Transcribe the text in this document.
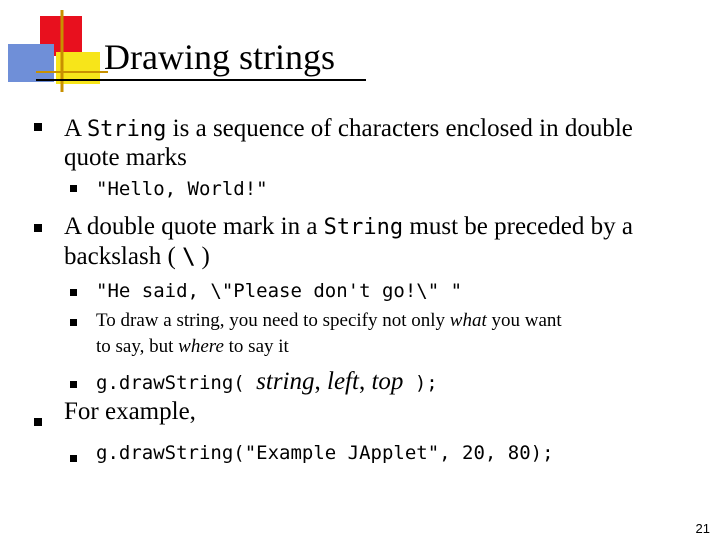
Drawing strings
A String is a sequence of characters enclosed in double
quote marks
"Hello, World!"
A double quote mark in a String must be preceded by a
backslash ( \ )
"He said, \"Please don't go!\" "
To draw a string, you need to specify not only what you want
to say, but where to say it
g.drawString( string, left, top );
For example,
g.drawString("Example JApplet", 20, 80);
21
